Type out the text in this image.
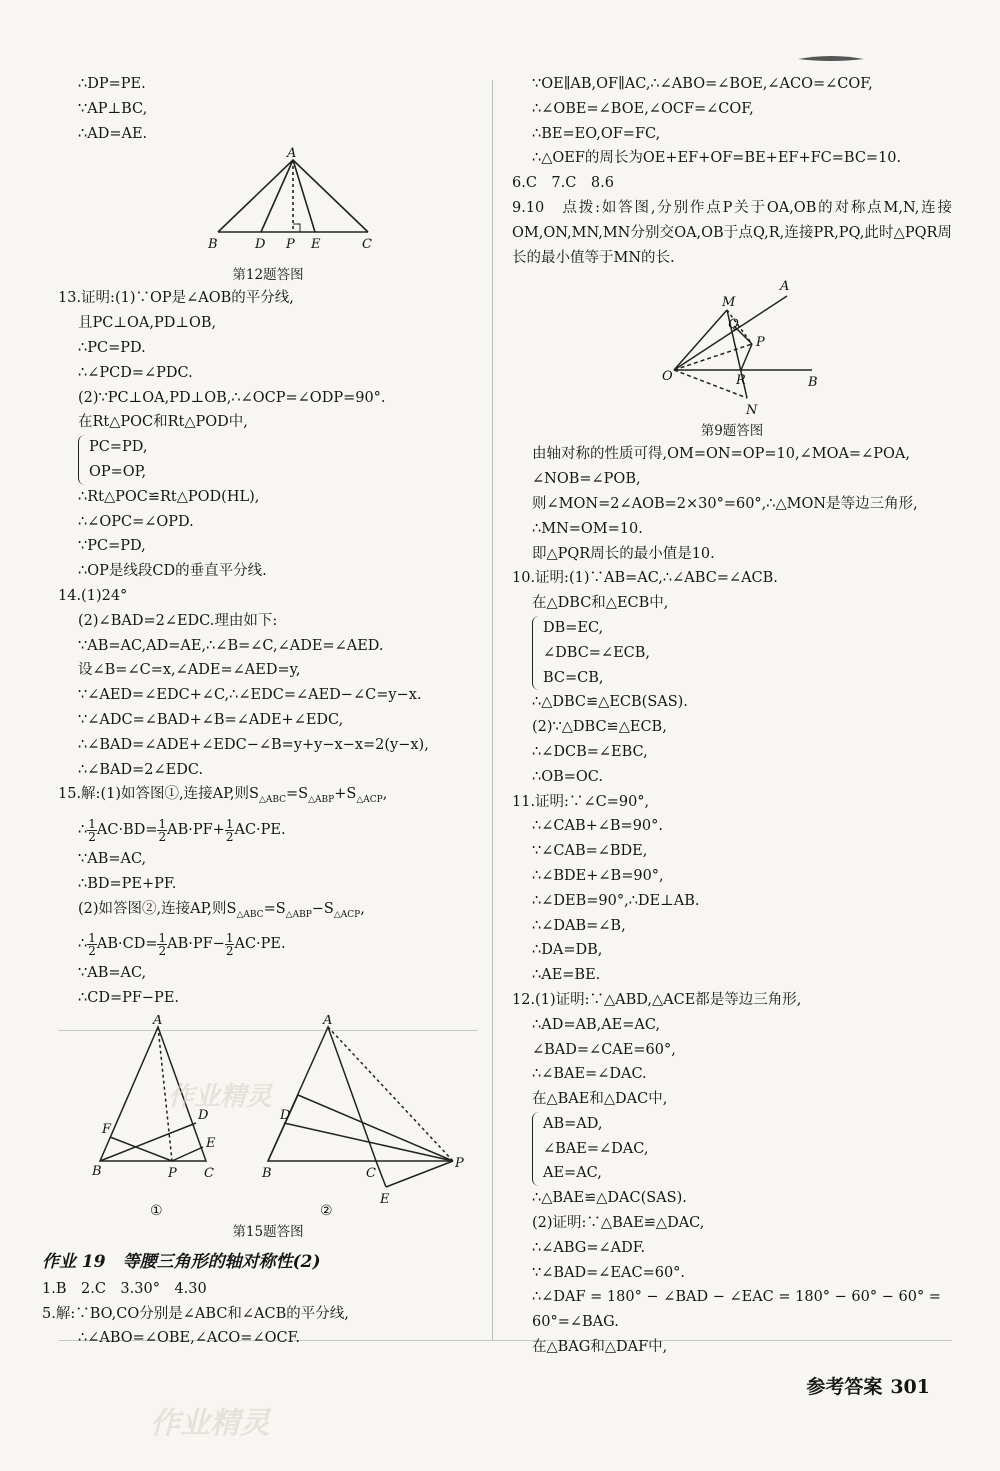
∴DP=PE.
∵AP⊥BC,
∴AD=AE.
A
B	D P E	C
第12题答图
13.证明:(1)∵OP是∠AOB的平分线,
且PC⊥OA,PD⊥OB,
∴PC=PD.
∴∠PCD=∠PDC.
(2)∵PC⊥OA,PD⊥OB,∴∠OCP=∠ODP=90°.
在Rt△POC和Rt△POD中,
PC=PD,
OP=OP,
∴Rt△POC≌Rt△POD(HL),
∴∠OPC=∠OPD.
∵PC=PD,
∴OP是线段CD的垂直平分线.
14.(1)24°
(2)∠BAD=2∠EDC.理由如下:
∵AB=AC,AD=AE,∴∠B=∠C,∠ADE=∠AED.
设∠B=∠C=x,∠ADE=∠AED=y,
∵∠AED=∠EDC+∠C,∴∠EDC=∠AED−∠C=y−x.
∵∠ADC=∠BAD+∠B=∠ADE+∠EDC,
∴∠BAD=∠ADE+∠EDC−∠B=y+y−x−x=2(y−x),
∴∠BAD=2∠EDC.
15.解:(1)如答图①,连接AP,则$S_{\triangle ABC}=S_{\triangle ABP}+S_{\triangle ACP}$,
∴ $\frac{1}{2} AC\cdot BD= \frac{1}{2} AB\cdot PF+ \frac{1}{2} AC\cdot PE$.
∵AB=AC,
∴BD=PE+PF.
(2)如答图②,连接AP,则$S_{\triangle ABC}=S_{\triangle ABP}-S_{\triangle ACP}$,
∴ $\frac{1}{2} AB\cdot CD= \frac{1}{2} AB\cdot PF- \frac{1}{2} AC\cdot PE$.
∵AB=AC,
∴CD=PF−PE.
A
F
D
E
B	P C
A
D
B	C
P
E
①	②
第15题答图
作业 19　等腰三角形的轴对称性(2)
1.B　2.C　3.30°　4.30
5.解:∵BO,CO分别是∠ABC和∠ACB的平分线,
∴∠ABO=∠OBE,∠ACO=∠OCF.
∵OE∥AB,OF∥AC,∴∠ABO=∠BOE,∠ACO=∠COF,
∴∠OBE=∠BOE,∠OCF=∠COF,
∴BE=EO,OF=FC,
∴△OEF的周长为OE+EF+OF=BE+EF+FC=BC=10.
6.C　7.C　8.6
9.10　点拨:如答图,分别作点P关于OA,OB的对称点M,N,连接OM,ON,MN,MN分别交OA,OB于点Q,R,连接PR,PQ,此时△PQR周长的最小值等于MN的长.
M
A
Q
P
O	R	B
N
第9题答图
由轴对称的性质可得,OM=ON=OP=10,∠MOA=∠POA,
∠NOB=∠POB,
则∠MON=2∠AOB=2×30°=60°,∴△MON是等边三角形,
∴MN=OM=10.
即△PQR周长的最小值是10.
10.证明:(1)∵AB=AC,∴∠ABC=∠ACB.
在△DBC和△ECB中,
DB=EC,
∠DBC=∠ECB,
BC=CB,
∴△DBC≌△ECB(SAS).
(2)∵△DBC≌△ECB,
∴∠DCB=∠EBC,
∴OB=OC.
11.证明:∵∠C=90°,
∴∠CAB+∠B=90°.
∵∠CAB=∠BDE,
∴∠BDE+∠B=90°,
∴∠DEB=90°,∴DE⊥AB.
∴∠DAB=∠B,
∴DA=DB,
∴AE=BE.
12.(1)证明:∵△ABD,△ACE都是等边三角形,
∴AD=AB,AE=AC,
∠BAD=∠CAE=60°,
∴∠BAE=∠DAC.
在△BAE和△DAC中,
AB=AD,
∠BAE=∠DAC,
AE=AC,
∴△BAE≌△DAC(SAS).
(2)证明:∵△BAE≌△DAC,
∴∠ABG=∠ADF.
∵∠BAD=∠EAC=60°.
∴∠DAF = 180° − ∠BAD − ∠EAC = 180° − 60° − 60° =
60°=∠BAG.
在△BAG和△DAF中,
作业精灵
作业精灵
参考答案 301
